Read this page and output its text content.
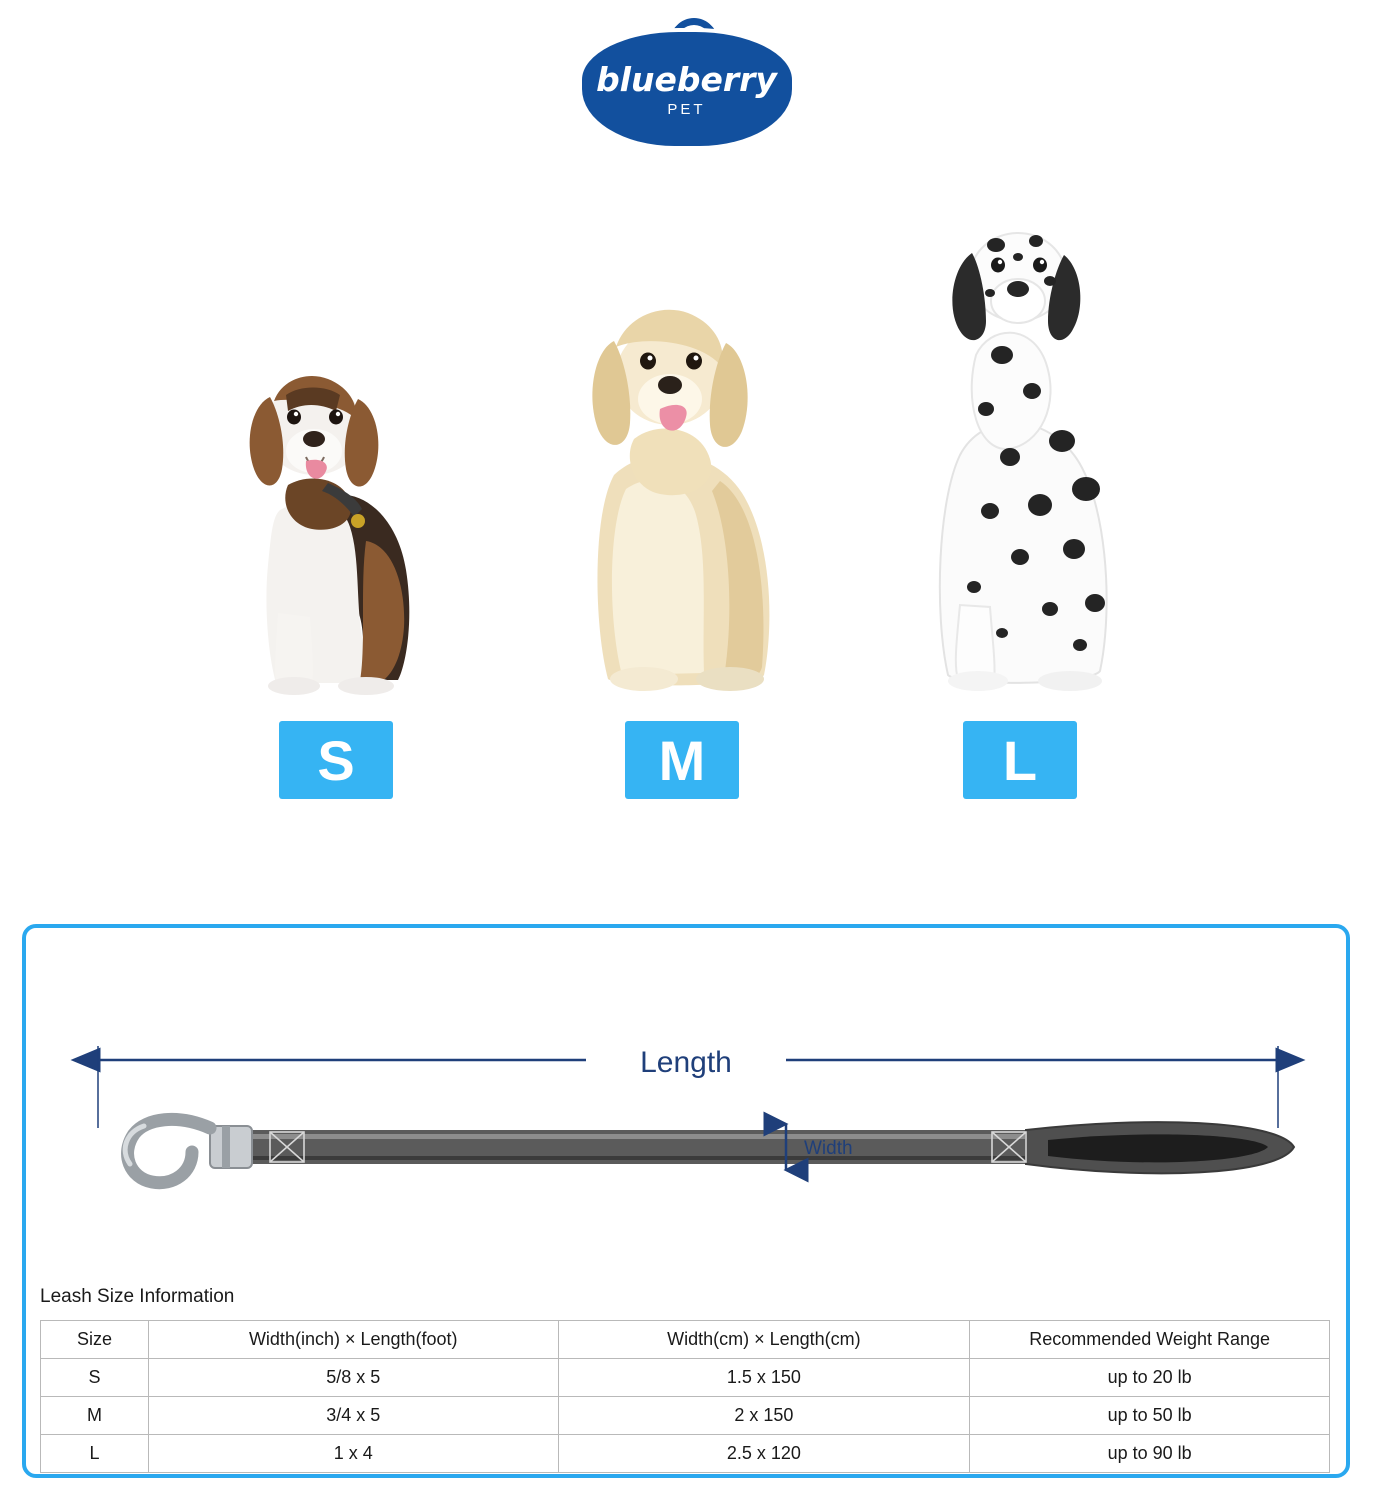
blueberry
PET
S	M	L
Length
Width
Leash Size Information
Size	Width(inch) × Length(foot)	Width(cm) × Length(cm)	Recommended Weight Range
S	5/8 x 5	1.5 x 150	up to 20 lb
M	3/4 x 5	2 x 150	up to 50 lb
L	1 x 4	2.5 x 120	up to 90 lb
